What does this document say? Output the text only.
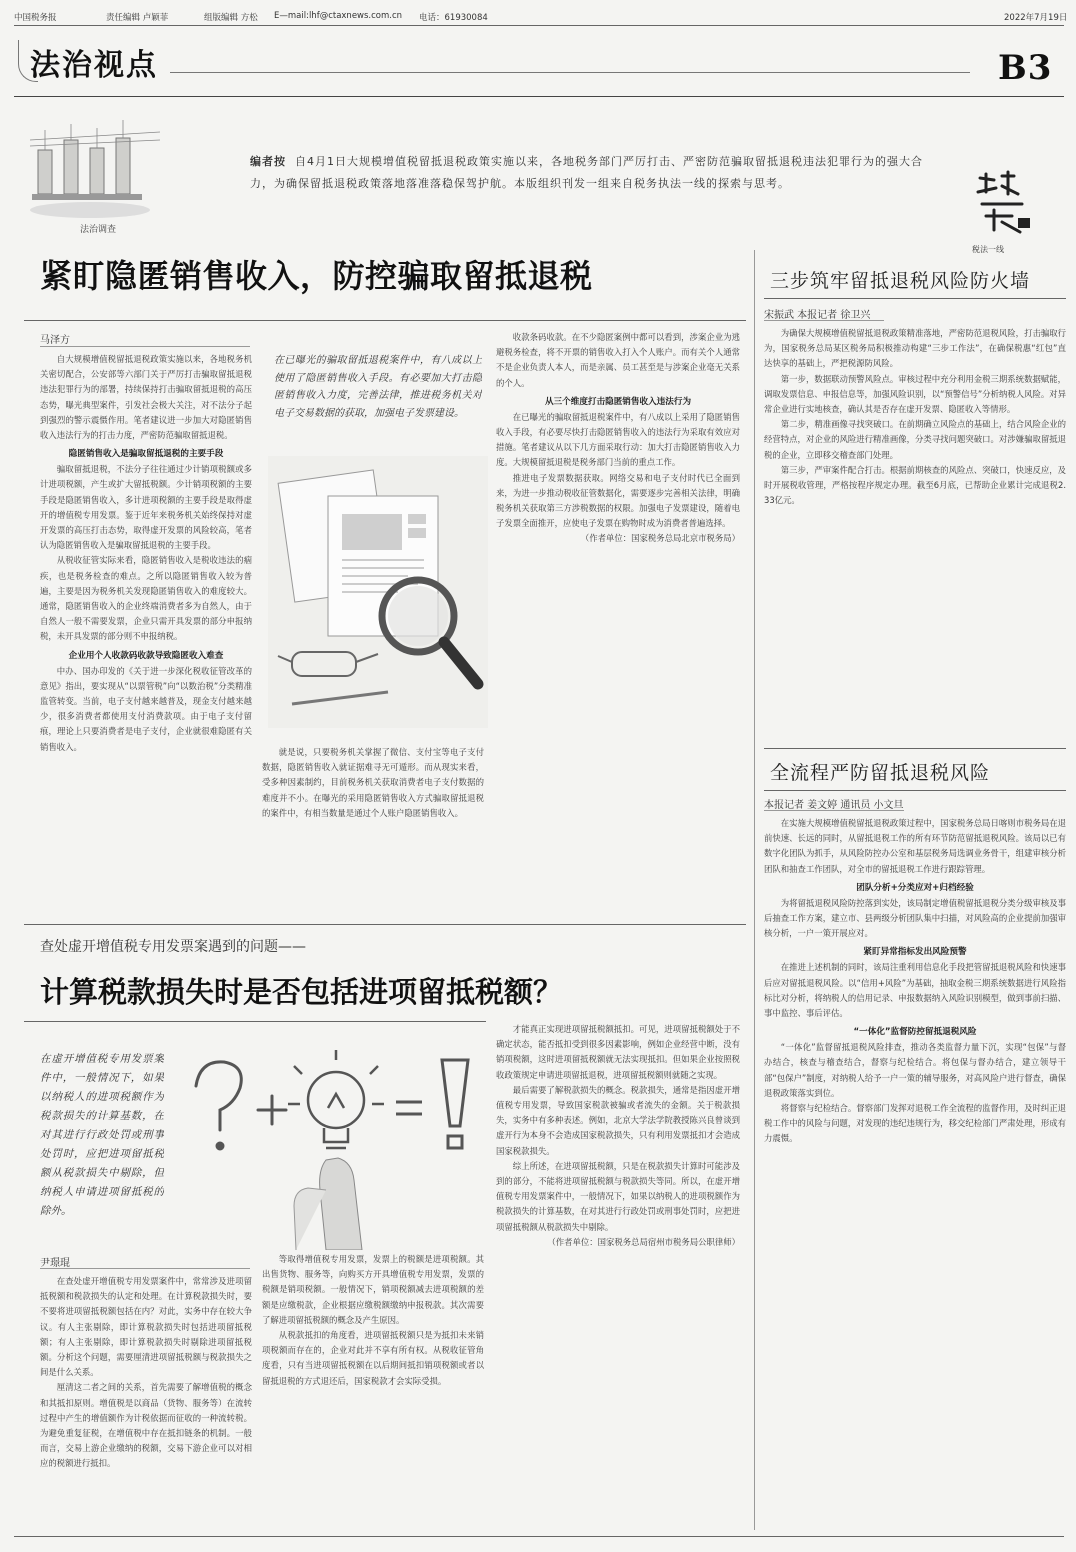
中国税务报	责任编辑 卢颖菲	组版编辑 方松 E—mail:lhf@ctaxnews.com.cn 电话：61930084	2022年7月19日
法治视点	B3
法治调查
编者按 自4月1日大规模增值税留抵退税政策实施以来，各地税务部门严厉打击、严密防范骗取留抵退税违法犯罪行为的强大合力，为确保留抵退税政策落地落准落稳保驾护航。本版组织刊发一组来自税务执法一线的探索与思考。
税法一线
紧盯隐匿销售收入，防控骗取留抵退税
马泽方

自大规模增值税留抵退税政策实施以来，各地税务机关密切配合，公安部等六部门关于严厉打击骗取留抵退税违法犯罪行为的部署，持续保持打击骗取留抵退税的高压态势，曝光典型案件，引发社会极大关注，对不法分子起到强烈的警示震慑作用。笔者建议进一步加大对隐匿销售收入违法行为的打击力度，严密防范骗取留抵退税。

隐匿销售收入是骗取留抵退税的主要手段

骗取留抵退税，不法分子往往通过少计销项税额或多计进项税额，产生或扩大留抵税额。少计销项税额的主要手段是隐匿销售收入，多计进项税额的主要手段是取得虚开的增值税专用发票。鉴于近年来税务机关始终保持对虚开发票的高压打击态势，取得虚开发票的风险较高，笔者认为隐匿销售收入是骗取留抵退税的主要手段。

从税收征管实际来看，隐匿销售收入是税收违法的痼疾，也是税务检查的难点。之所以隐匿销售收入较为普遍，主要是因为税务机关发现隐匿销售收入的难度较大。通常，隐匿销售收入的企业终端消费者多为自然人，由于自然人一般不需要发票，企业只需开具发票的部分申报纳税，未开具发票的部分则不申报纳税。

企业用个人收款码收款导致隐匿收入难查

中办、国办印发的《关于进一步深化税收征管改革的意见》指出，要实现从“以票管税”向“以数治税”分类精准监管转变。当前，电子支付越来越普及，现金支付越来越少，很多消费者都使用支付消费款项。由于电子支付留痕，理论上只要消费者是电子支付，企业就很难隐匿有关销售收入。

在已曝光的骗取留抵退税案件中，有八成以上使用了隐匿销售收入手段。有必要加大打击隐匿销售收入力度，完善法律，推进税务机关对电子交易数据的获取，加强电子发票建设。

就是说，只要税务机关掌握了微信、支付宝等电子支付数据，隐匿销售收入就证据难寻无可遁形。而从现实来看，受多种因素制约，目前税务机关获取消费者电子支付数据的难度并不小。在曝光的采用隐匿销售收入方式骗取留抵退税的案件中，有相当数量是通过个人账户隐匿销售收入。

收款条码收款。在不少隐匿案例中都可以看到，涉案企业为逃避税务检查，将不开票的销售收入打入个人账户。而有关个人通常不是企业负责人本人，而是亲属、员工甚至是与涉案企业毫无关系的个人。

从三个维度打击隐匿销售收入违法行为

在已曝光的骗取留抵退税案件中，有八成以上采用了隐匿销售收入手段，有必要尽快打击隐匿销售收入的违法行为采取有效应对措施。笔者建议从以下几方面采取行动：加大打击隐匿销售收入力度。大规模留抵退税是税务部门当前的重点工作。

推进电子发票数据获取。网络交易和电子支付时代已全面到来，为进一步推动税收征管数据化，需要逐步完善相关法律，明确税务机关获取第三方涉税数据的权限。加强电子发票建设，随着电子发票全面推开，应使电子发票在购物时成为消费者普遍选择。

（作者单位：国家税务总局北京市税务局）

三步筑牢留抵退税风险防火墙
宋振武 本报记者 徐卫兴

为确保大规模增值税留抵退税政策精准落地，严密防范退税风险，打击骗取行为，国家税务总局某区税务局积极推动构建“三步工作法”，在确保税惠“红包”直达快享的基础上，严把税源防风险。

第一步，数据联动预警风险点。审核过程中充分利用金税三期系统数据赋能，调取发票信息、申报信息等，加强风险识别，以“预警信号”分析纳税人风险。对异常企业进行实地核查，确认其是否存在虚开发票、隐匿收入等情形。

第二步，精准画像寻找突破口。在前期确立风险点的基础上，结合风险企业的经营特点，对企业的风险进行精准画像，分类寻找问题突破口。对涉嫌骗取留抵退税的企业，立即移交稽查部门处理。

第三步，严审案件配合打击。根据前期核查的风险点、突破口，快速反应，及时开展税收管理，严格按程序规定办理。截至6月底，已帮助企业累计完成退税2.33亿元。

全流程严防留抵退税风险
本报记者 姜文婷 通讯员 小文旦

在实施大规模增值税留抵退税政策过程中，国家税务总局日喀则市税务局在退前快速、长远的同时，从留抵退税工作的所有环节防范留抵退税风险。该局以已有数字化团队为抓手，从风险防控办公室和基层税务局选调业务骨干，组建审核分析团队和抽查工作团队，对全市的留抵退税工作进行跟踪管理。

团队分析+分类应对+归档经验

为将留抵退税风险防控落到实处，该局制定增值税留抵退税分类分级审核及事后抽查工作方案，建立市、县两级分析团队集中扫描，对风险高的企业提前加强审核分析，一户一策开展应对。

紧盯异常指标发出风险预警

在推进上述机制的同时，该局注重利用信息化手段把管留抵退税风险和快速事后应对留抵退税风险。以“信用+风险”为基础，抽取金税三期系统数据进行风险指标比对分析，将纳税人的信用记录、申报数据纳入风险识别模型，做到事前扫描、事中监控、事后评估。

“一体化”监督防控留抵退税风险

“一体化”监督留抵退税风险排查，推动各类监督力量下沉，实现“包保”与督办结合，核查与稽查结合，督察与纪检结合。将包保与督办结合，建立领导干部“包保户”制度，对纳税人给予一户一策的辅导服务，对高风险户进行督查，确保退税政策落实到位。

将督察与纪检结合。督察部门发挥对退税工作全流程的监督作用，及时纠正退税工作中的风险与问题，对发现的违纪违规行为，移交纪检部门严肃处理，形成有力震慑。

查处虚开增值税专用发票案遇到的问题——
计算税款损失时是否包括进项留抵税额？

才能真正实现进项留抵税额抵扣。可见，进项留抵税额处于不确定状态，能否抵扣受到很多因素影响，例如企业经营中断，没有销项税额，这时进项留抵税额就无法实现抵扣。但如果企业按照税收政策规定申请进项留抵退税，进项留抵税额则就随之实现。

最后需要了解税款损失的概念。税款损失，通常是指因虚开增值税专用发票，导致国家税款被骗或者流失的金额。关于税款损失，实务中有多种表述。例如，北京大学法学院教授陈兴良曾谈到虚开行为本身不会造成国家税款损失，只有利用发票抵扣才会造成国家税款损失。

综上所述，在进项留抵税额，只是在税款损失计算时可能涉及到的部分，不能将进项留抵税额与税款损失等同。所以，在虚开增值税专用发票案件中，一般情况下，如果以纳税人的进项税额作为税款损失的计算基数，在对其进行行政处罚或刑事处罚时，应把进项留抵税额从税款损失中剔除。

（作者单位：国家税务总局宿州市税务局公职律师）

在虚开增值税专用发票案件中，一般情况下，如果以纳税人的进项税额作为税款损失的计算基数，在对其进行行政处罚或刑事处罚时，应把进项留抵税额从税款损失中剔除，但纳税人申请进项留抵税的除外。
尹璟琨

在查处虚开增值税专用发票案件中，常常涉及进项留抵税额和税款损失的认定和处理。在计算税款损失时，要不要将进项留抵税额包括在内？对此，实务中存在较大争议。有人主张剔除，即计算税款损失时包括进项留抵税额；有人主张剔除，即计算税款损失时剔除进项留抵税额。分析这个问题，需要厘清进项留抵税额与税款损失之间是什么关系。

厘清这二者之间的关系，首先需要了解增值税的概念和其抵扣原则。增值税是以商品（货物、服务等）在流转过程中产生的增值额作为计税依据而征收的一种流转税。为避免重复征税，在增值税中存在抵扣链条的机制。一般而言，交易上游企业缴纳的税额，交易下游企业可以对相应的税额进行抵扣。

等取得增值税专用发票，发票上的税额是进项税额。其出售货物、服务等，向购买方开具增值税专用发票，发票的税额是销项税额。一般情况下，销项税额减去进项税额的差额是应缴税款，企业根据应缴税额缴纳申报税款。其次需要了解进项留抵税额的概念及产生原因。

从税款抵扣的角度看，进项留抵税额只是为抵扣未来销项税额而存在的，企业对此并不享有所有权。从税收征管角度看，只有当进项留抵税额在以后期间抵扣销项税额或者以留抵退税的方式退还后，国家税款才会实际受损。
